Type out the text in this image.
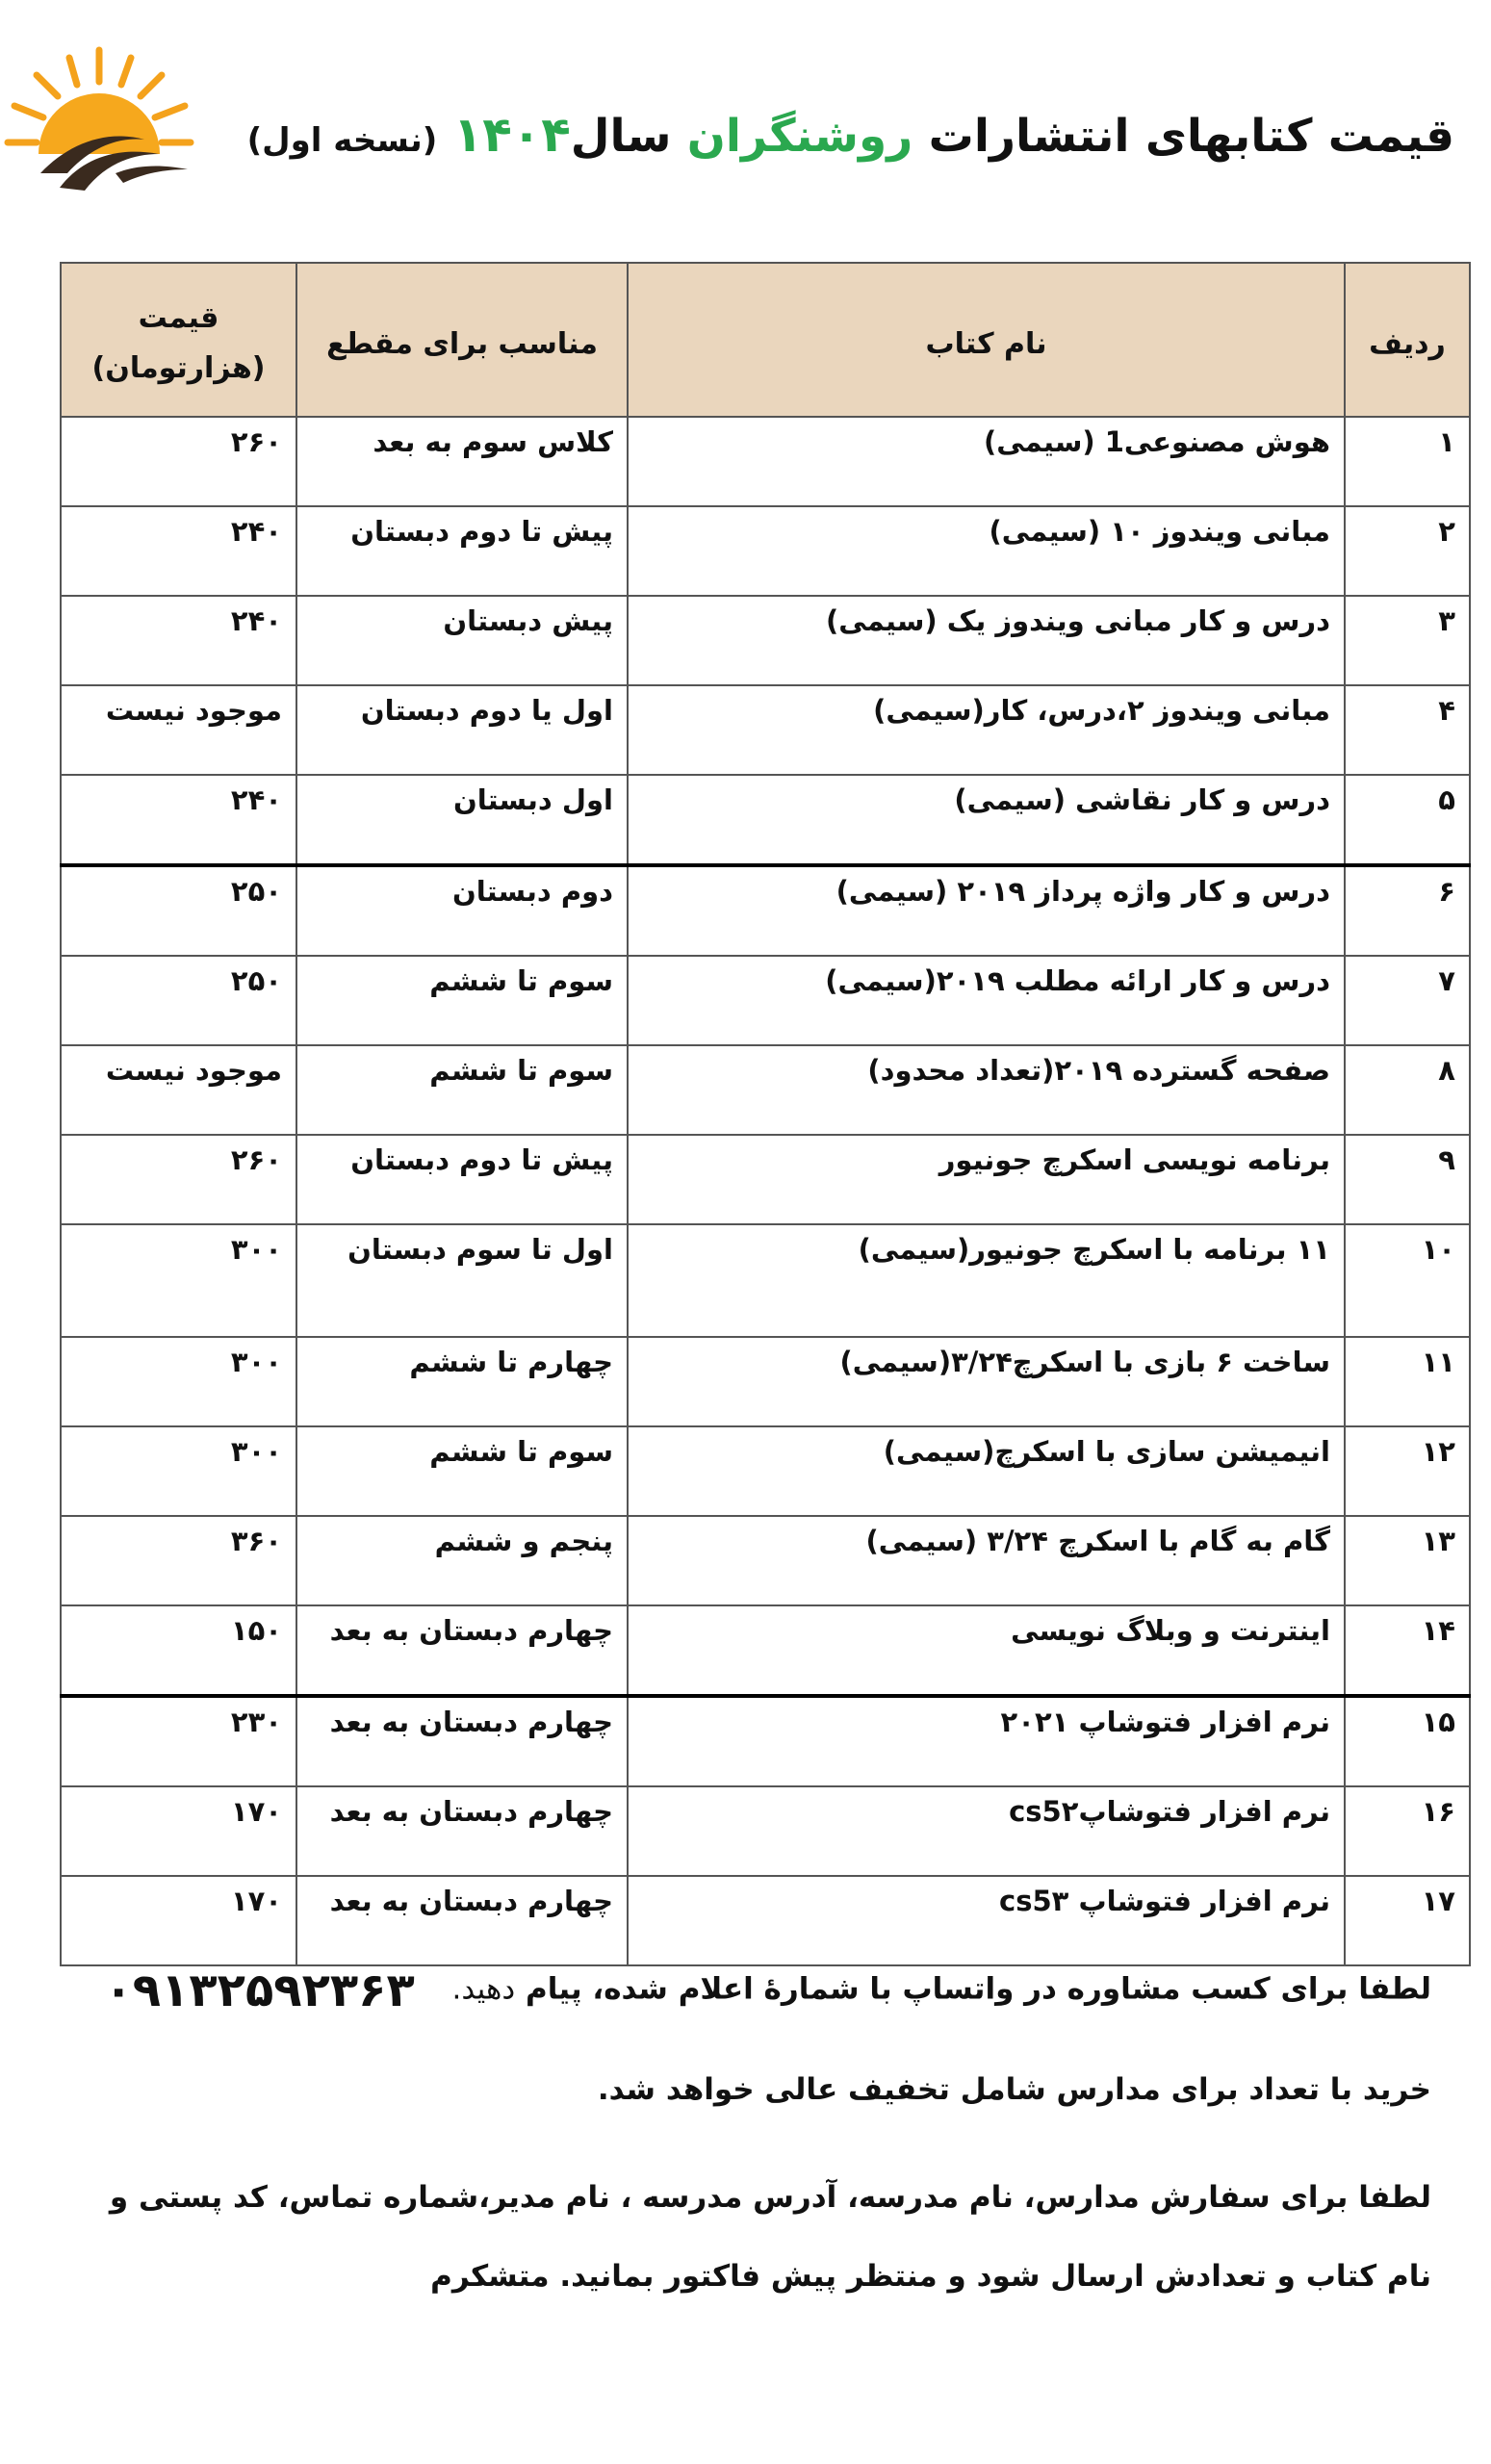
قیمت کتابهای انتشارات روشنگران سال۱۴۰۴ (نسخه اول)
ردیف	نام کتاب	مناسب برای مقطع	قیمت
(هزارتومان)

۱	هوش مصنوعی1 (سیمی)	کلاس سوم به بعد	۲۶۰
۲	مبانی ویندوز ۱۰ (سیمی)	پیش تا دوم دبستان	۲۴۰
۳	درس و کار مبانی ویندوز یک (سیمی)	پیش دبستان	۲۴۰
۴	مبانی ویندوز ۲،درس، کار(سیمی)	اول یا دوم دبستان	موجود نیست
۵	درس و کار نقاشی (سیمی)	اول دبستان	۲۴۰
۶	درس و کار واژه پرداز ۲۰۱۹ (سیمی)	دوم دبستان	۲۵۰
۷	درس و کار ارائه مطلب ۲۰۱۹(سیمی)	سوم تا ششم	۲۵۰
۸	صفحه گسترده ۲۰۱۹(تعداد محدود)	سوم تا ششم	موجود نیست
۹	برنامه نویسی اسکرچ جونیور	پیش تا دوم دبستان	۲۶۰
۱۰	۱۱ برنامه با اسکرچ جونیور(سیمی)	اول تا سوم دبستان	۳۰۰
۱۱	ساخت ۶ بازی با اسکرچ۳/۲۴(سیمی)	چهارم تا ششم	۳۰۰
۱۲	انیمیشن سازی با اسکرچ(سیمی)	سوم تا ششم	۳۰۰
۱۳	گام به گام با اسکرچ ۳/۲۴ (سیمی)	پنجم و ششم	۳۶۰
۱۴	اینترنت و وبلاگ نویسی	چهارم دبستان به بعد	۱۵۰
۱۵	نرم افزار فتوشاپ ۲۰۲۱	چهارم دبستان به بعد	۲۳۰
۱۶	نرم افزار فتوشاپcs5۲	چهارم دبستان به بعد	۱۷۰
۱۷	نرم افزار فتوشاپ cs5۳	چهارم دبستان به بعد	۱۷۰

لطفا برای کسب مشاوره در واتساپ با شمارۀ اعلام شده، پیام دهید. ۰۹۱۳۲۵۹۲۳۶۳

خرید با تعداد برای مدارس شامل تخفیف عالی خواهد شد.

لطفا برای سفارش مدارس، نام مدرسه، آدرس مدرسه ، نام مدیر،شماره تماس، کد پستی و نام کتاب و تعدادش ارسال شود و منتظر پیش فاکتور بمانید. متشکرم
